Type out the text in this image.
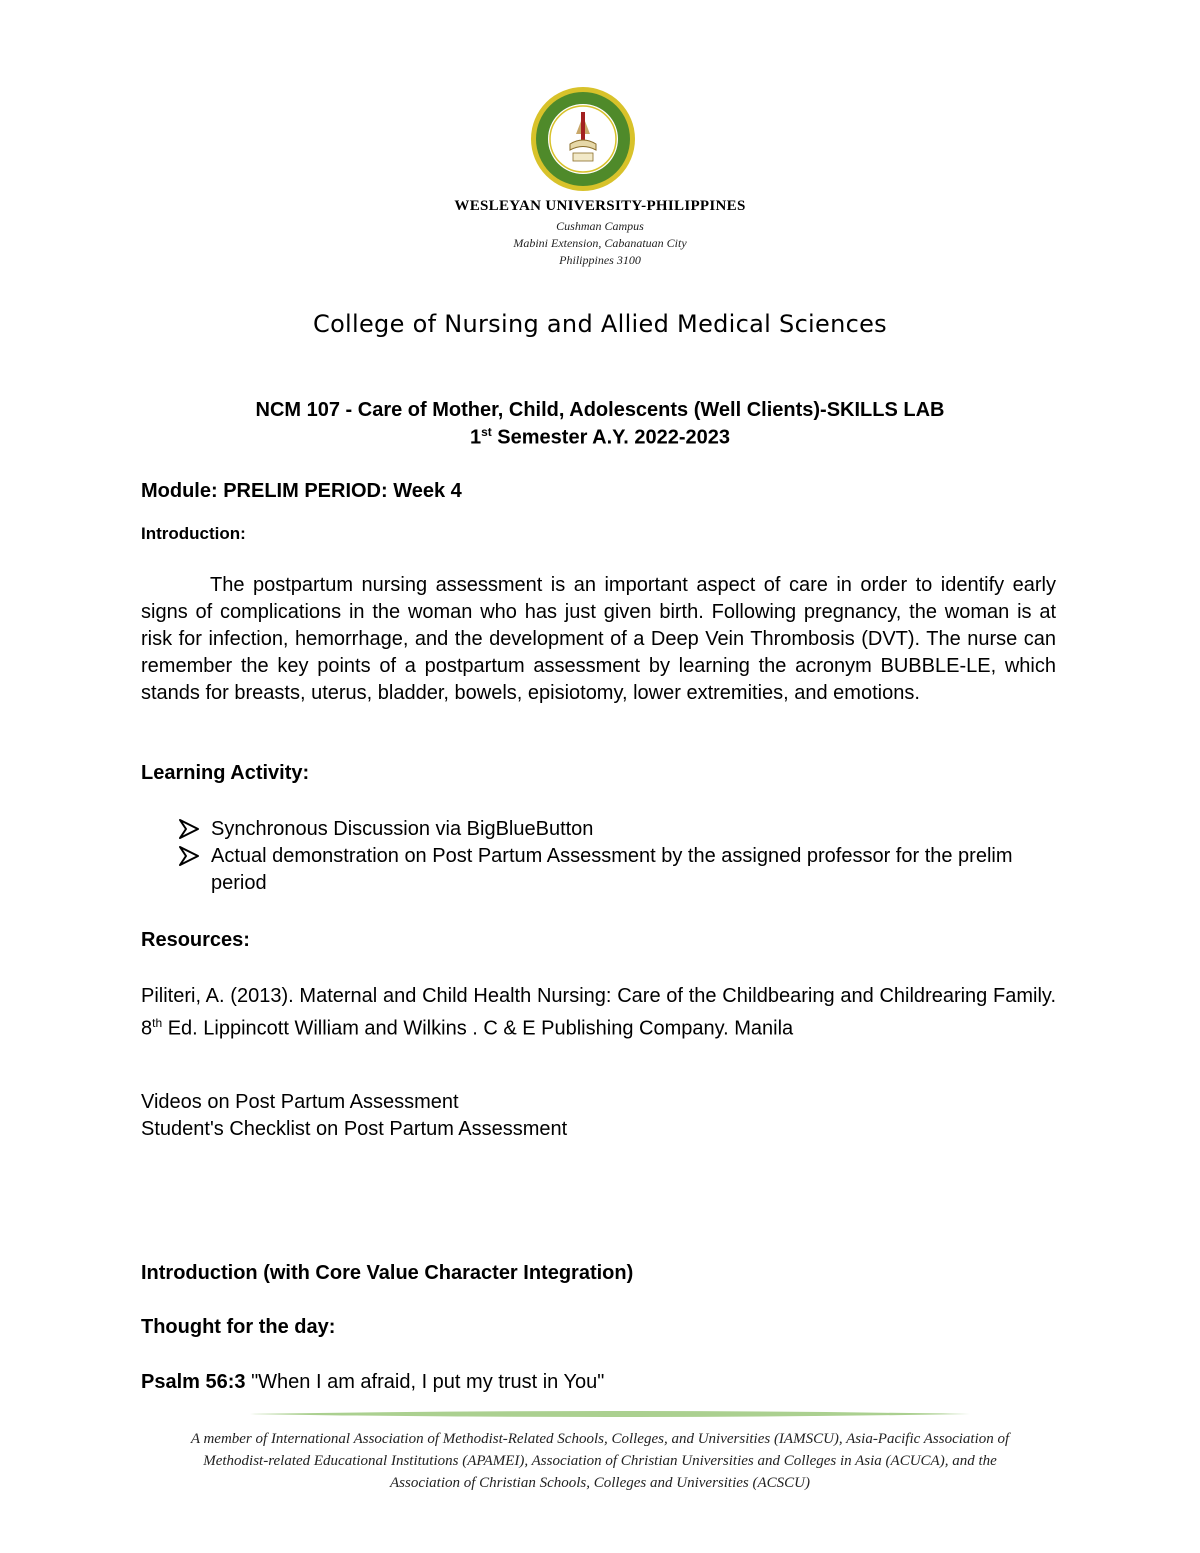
WESLEYAN UNIVERSITY-PHILIPPINES
Cushman Campus
Mabini Extension, Cabanatuan City
Philippines 3100
College of Nursing and Allied Medical Sciences
NCM 107 - Care of Mother, Child, Adolescents (Well Clients)-SKILLS LAB
1st Semester A.Y. 2022-2023
Module: PRELIM PERIOD: Week 4
Introduction:
The postpartum nursing assessment is an important aspect of care in order to identify early signs of complications in the woman who has just given birth. Following pregnancy, the woman is at risk for infection, hemorrhage, and the development of a Deep Vein Thrombosis (DVT). The nurse can remember the key points of a postpartum assessment by learning the acronym BUBBLE-LE, which stands for breasts, uterus, bladder, bowels, episiotomy, lower extremities, and emotions.
Learning Activity:
Synchronous Discussion via BigBlueButton
Actual demonstration on Post Partum Assessment by the assigned professor for the prelim period
Resources:
Piliteri, A. (2013). Maternal and Child Health Nursing: Care of the Childbearing and Childrearing Family. 8th Ed. Lippincott William and Wilkins . C & E Publishing Company. Manila
Videos on Post Partum Assessment
Student's Checklist on Post Partum Assessment
Introduction (with Core Value Character Integration)
Thought for the day:
Psalm 56:3 "When I am afraid, I put my trust in You"
A member of International Association of Methodist-Related Schools, Colleges, and Universities (IAMSCU), Asia-Pacific Association of Methodist-related Educational Institutions (APAMEI), Association of Christian Universities and Colleges in Asia (ACUCA), and the Association of Christian Schools, Colleges and Universities (ACSCU)
